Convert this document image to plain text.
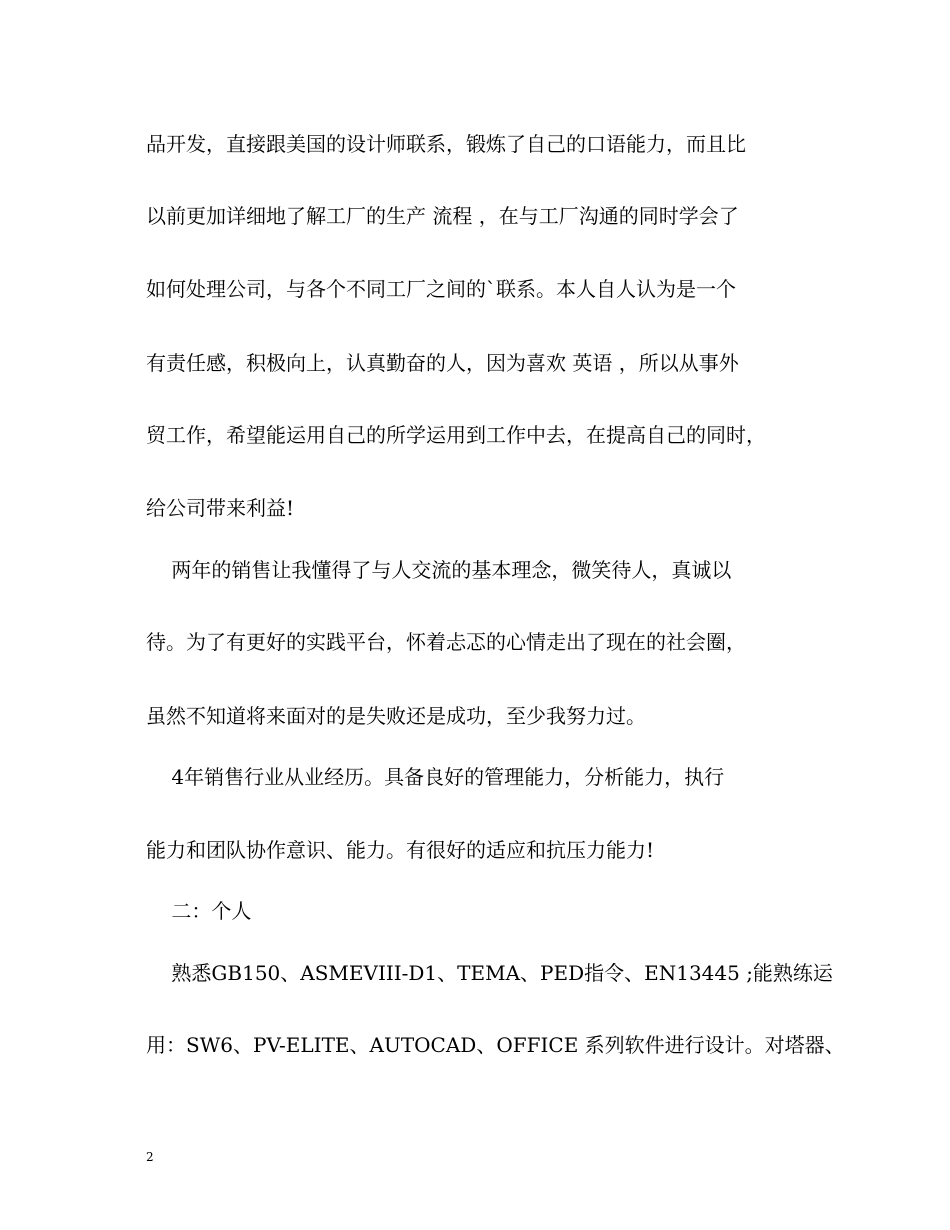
品开发，直接跟美国的设计师联系，锻炼了自己的口语能力，而且比
以前更加详细地了解工厂的生产 流程 ，在与工厂沟通的同时学会了
如何处理公司，与各个不同工厂之间的`联系。本人自人认为是一个
有责任感，积极向上，认真勤奋的人，因为喜欢 英语 ，所以从事外
贸工作，希望能运用自己的所学运用到工作中去，在提高自己的同时，
给公司带来利益!
两年的销售让我懂得了与人交流的基本理念，微笑待人，真诚以
待。为了有更好的实践平台，怀着忐忑的心情走出了现在的社会圈，
虽然不知道将来面对的是失败还是成功，至少我努力过。
4年销售行业从业经历。具备良好的管理能力，分析能力，执行
能力和团队协作意识、能力。有很好的适应和抗压力能力!
二：个人
熟悉GB150、ASMEVIII-D1、TEMA、PED指令、EN13445 ;能熟练运
用：SW6、PV-ELITE、AUTOCAD、OFFICE 系列软件进行设计。对塔器、
2
